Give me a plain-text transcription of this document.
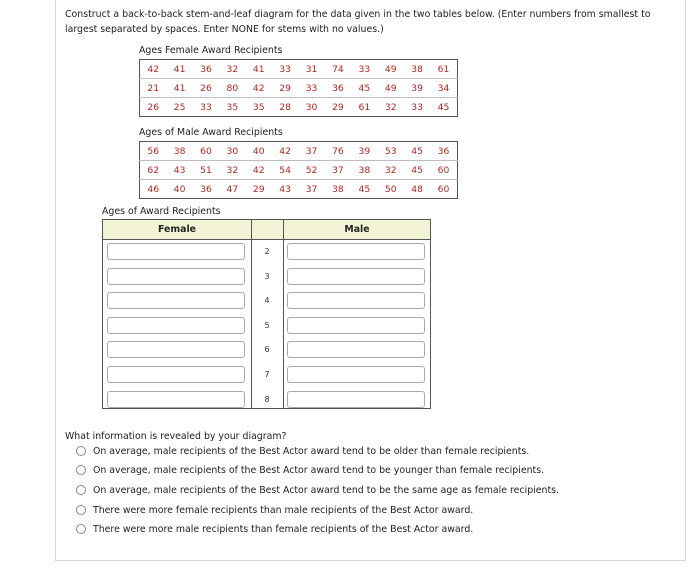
Construct a back-to-back stem-and-leaf diagram for the data given in the two tables below. (Enter numbers from smallest to largest separated by spaces. Enter NONE for stems with no values.)
Ages Female Award Recipients
42	41	36	32	41	33	31	74	33	49	38	61
21	41	26	80	42	29	33	36	45	49	39	34
26	25	33	35	35	28	30	29	61	32	33	45
Ages of Male Award Recipients
56	38	60	30	40	42	37	76	39	53	45	36
62	43	51	32	42	54	52	37	38	32	45	60
46	40	36	47	29	43	37	38	45	50	48	60
Ages of Award Recipients
Female	Male
2
3
4
5
6
7
8
What information is revealed by your diagram?
On average, male recipients of the Best Actor award tend to be older than female recipients.
On average, male recipients of the Best Actor award tend to be younger than female recipients.
On average, male recipients of the Best Actor award tend to be the same age as female recipients.
There were more female recipients than male recipients of the Best Actor award.
There were more male recipients than female recipients of the Best Actor award.
